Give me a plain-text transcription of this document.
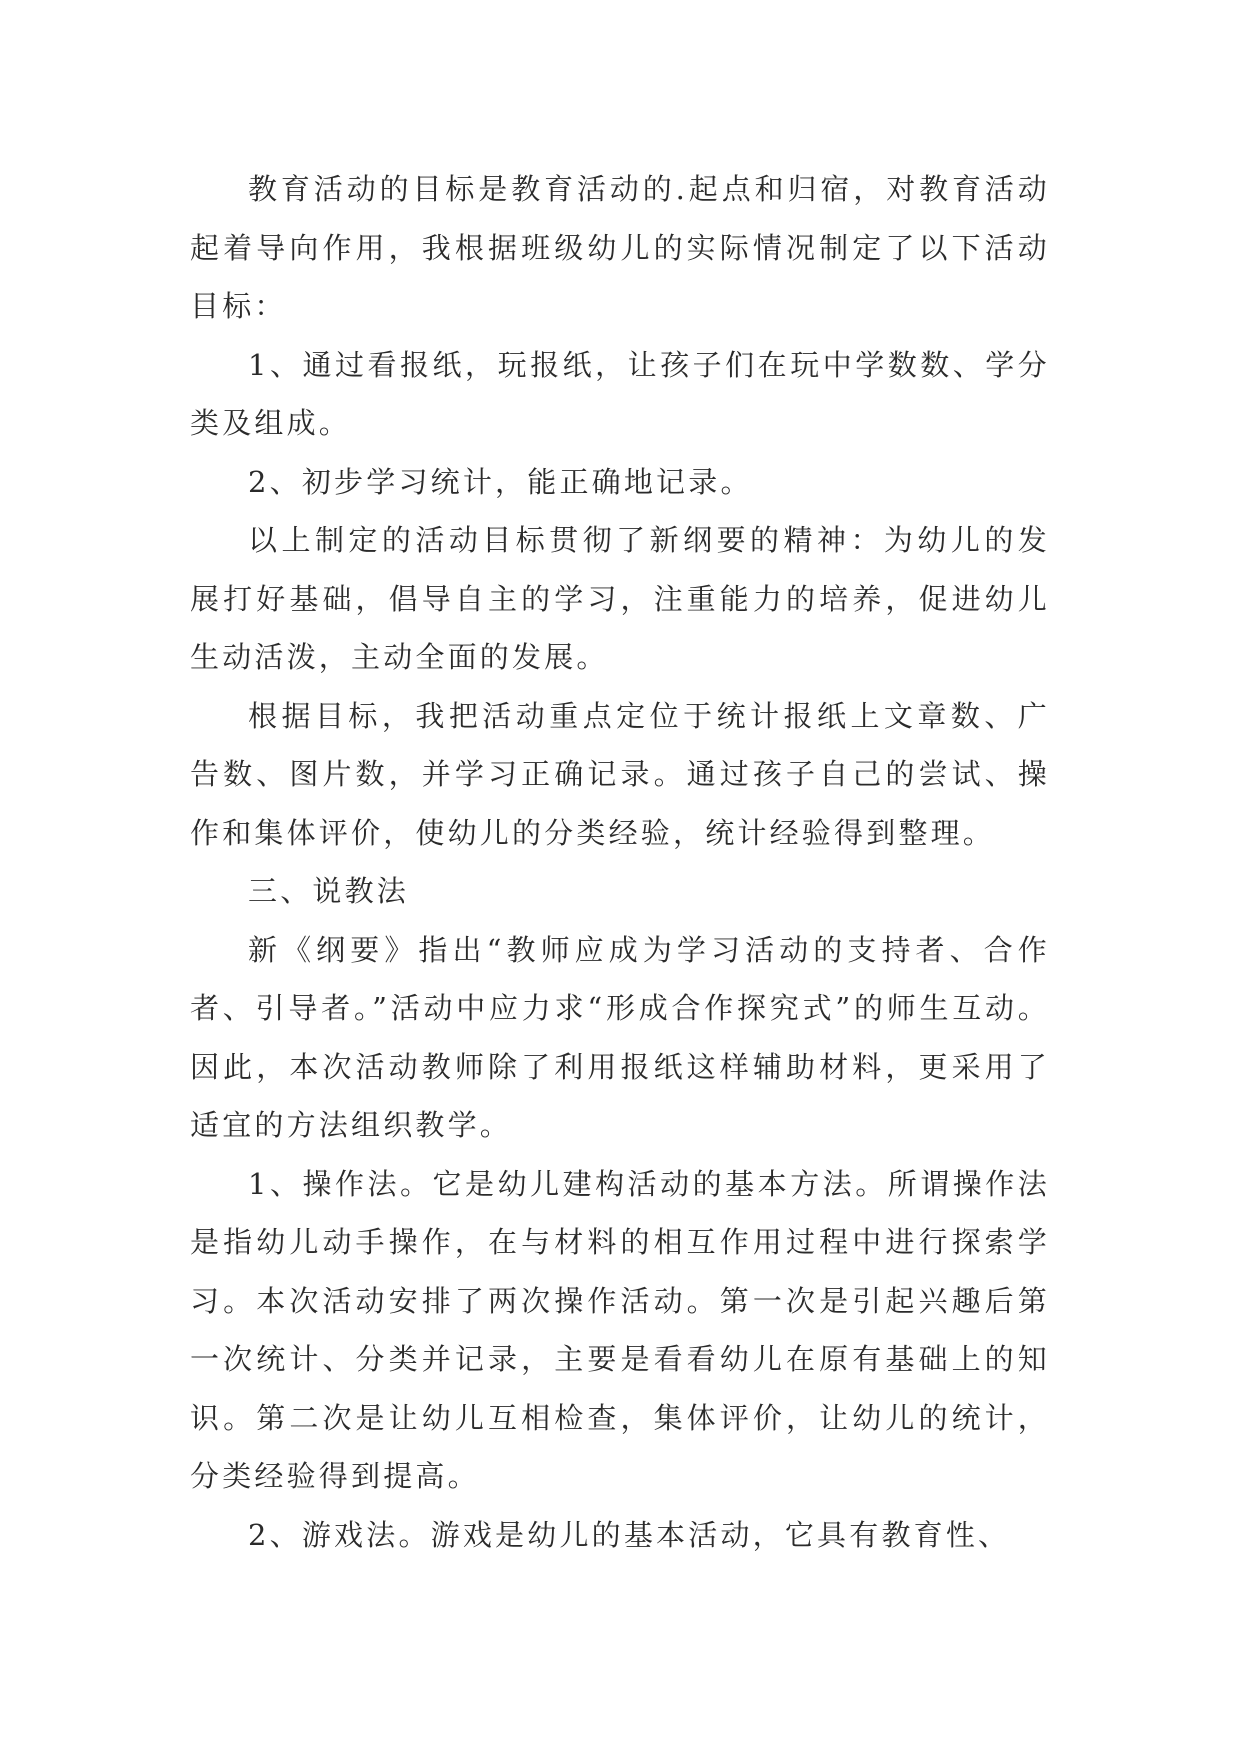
教育活动的目标是教育活动的.起点和归宿，对教育活动起着导向作用，我根据班级幼儿的实际情况制定了以下活动目标：

1、通过看报纸，玩报纸，让孩子们在玩中学数数、学分类及组成。

2、初步学习统计，能正确地记录。

以上制定的活动目标贯彻了新纲要的精神：为幼儿的发展打好基础，倡导自主的学习，注重能力的培养，促进幼儿生动活泼，主动全面的发展。

根据目标，我把活动重点定位于统计报纸上文章数、广告数、图片数，并学习正确记录。通过孩子自己的尝试、操作和集体评价，使幼儿的分类经验，统计经验得到整理。

三、说教法

新《纲要》指出“教师应成为学习活动的支持者、合作者、引导者。”活动中应力求“形成合作探究式”的师生互动。因此，本次活动教师除了利用报纸这样辅助材料，更采用了适宜的方法组织教学。

1、操作法。它是幼儿建构活动的基本方法。所谓操作法是指幼儿动手操作，在与材料的相互作用过程中进行探索学习。本次活动安排了两次操作活动。第一次是引起兴趣后第一次统计、分类并记录，主要是看看幼儿在原有基础上的知识。第二次是让幼儿互相检查，集体评价，让幼儿的统计，分类经验得到提高。

2、游戏法。游戏是幼儿的基本活动，它具有教育性、
